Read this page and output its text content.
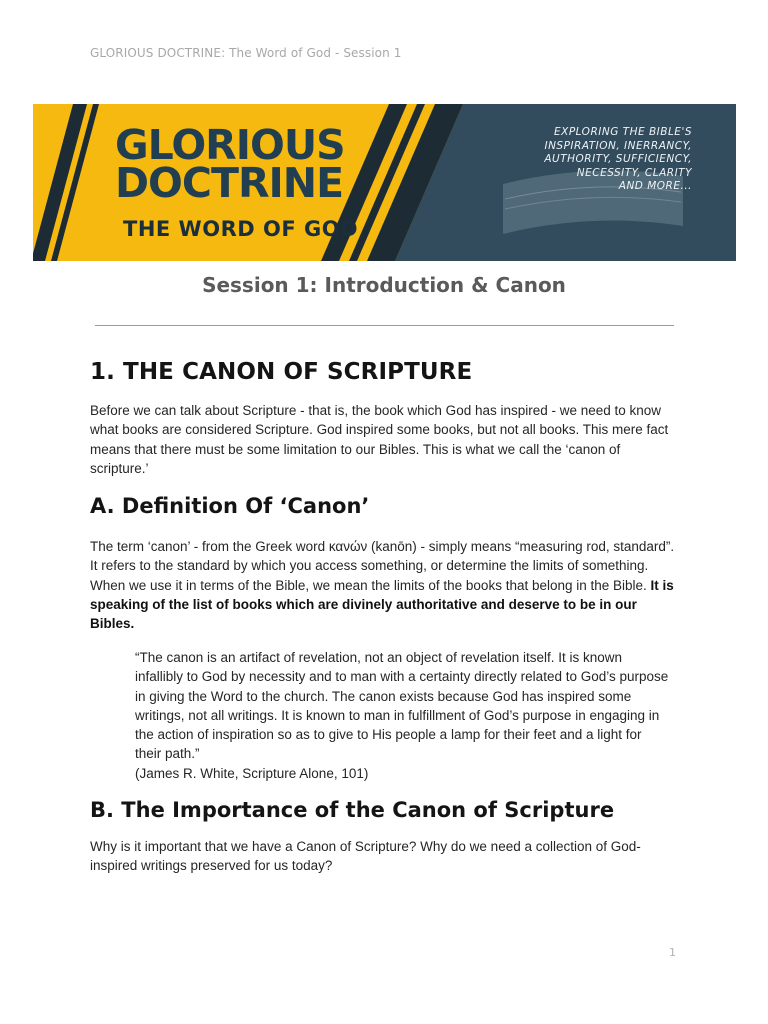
GLORIOUS DOCTRINE: The Word of God - Session 1
GLORIOUS
DOCTRINE
THE WORD OF GOD
EXPLORING THE BIBLE'S
INSPIRATION, INERRANCY,
AUTHORITY, SUFFICIENCY,
NECESSITY, CLARITY
AND MORE...
Session 1: Introduction & Canon
1. THE CANON OF SCRIPTURE
Before we can talk about Scripture - that is, the book which God has inspired - we need to know what books are considered Scripture. God inspired some books, but not all books. This mere fact means that there must be some limitation to our Bibles. This is what we call the ‘canon of scripture.’
A. Definition Of ‘Canon’
The term ‘canon’ - from the Greek word κανών (kanōn) - simply means “measuring rod, standard”. It refers to the standard by which you access something, or determine the limits of something. When we use it in terms of the Bible, we mean the limits of the books that belong in the Bible. It is speaking of the list of books which are divinely authoritative and deserve to be in our Bibles.
“The canon is an artifact of revelation, not an object of revelation itself. It is known infallibly to God by necessity and to man with a certainty directly related to God’s purpose in giving the Word to the church. The canon exists because God has inspired some writings, not all writings. It is known to man in fulfillment of God’s purpose in engaging in the action of inspiration so as to give to His people a lamp for their feet and a light for their path.”
(James R. White, Scripture Alone, 101)
B. The Importance of the Canon of Scripture
Why is it important that we have a Canon of Scripture? Why do we need a collection of God-inspired writings preserved for us today?
1
